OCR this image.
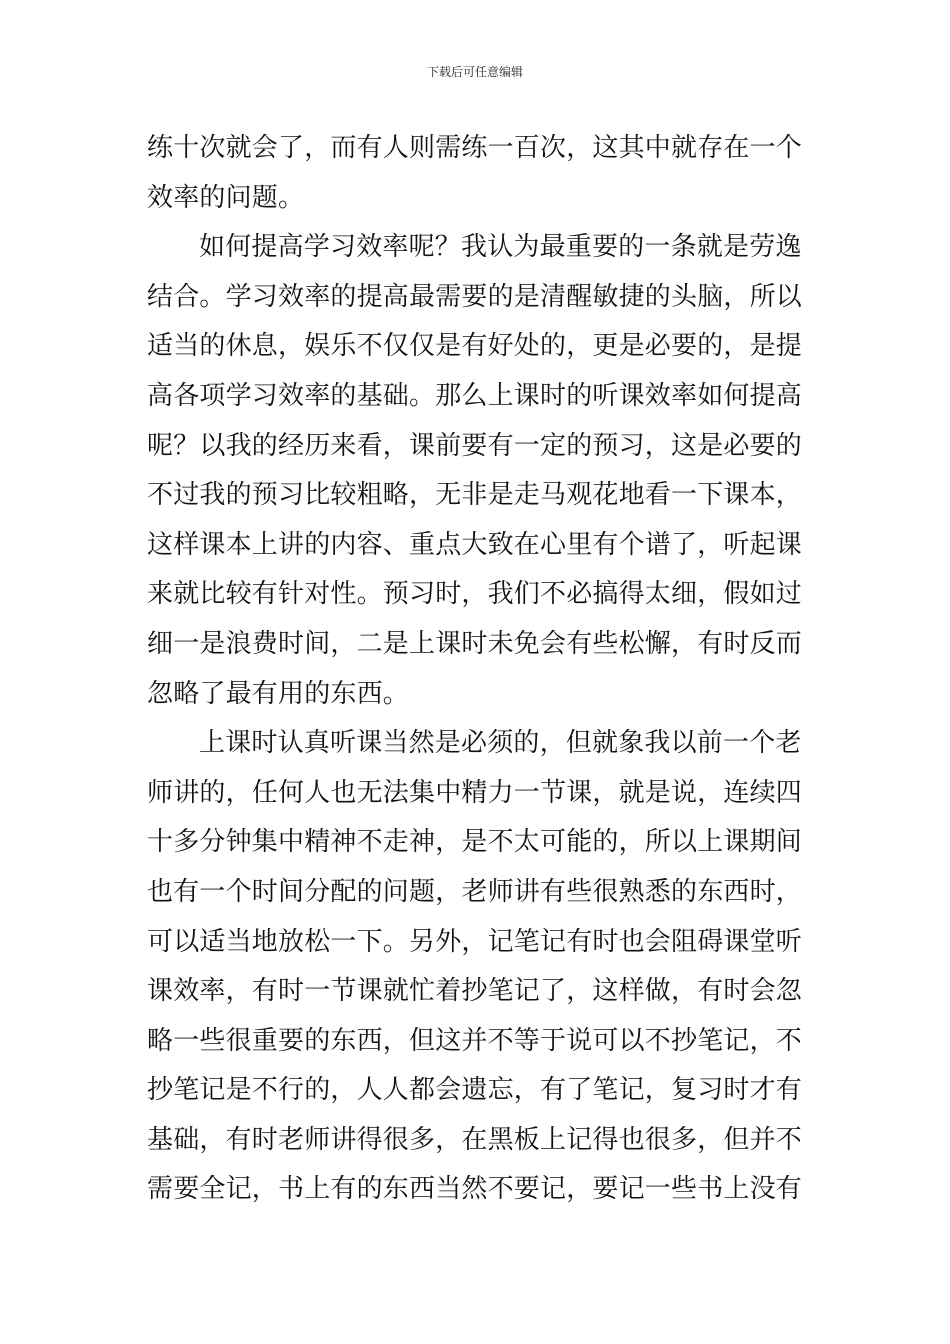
下载后可任意编辑
练十次就会了，而有人则需练一百次，这其中就存在一个
效率的问题。
如何提高学习效率呢？我认为最重要的一条就是劳逸
结合。学习效率的提高最需要的是清醒敏捷的头脑，所以
适当的休息，娱乐不仅仅是有好处的，更是必要的，是提
高各项学习效率的基础。那么上课时的听课效率如何提高
呢？以我的经历来看，课前要有一定的预习，这是必要的
不过我的预习比较粗略，无非是走马观花地看一下课本，
这样课本上讲的内容、重点大致在心里有个谱了，听起课
来就比较有针对性。预习时，我们不必搞得太细，假如过
细一是浪费时间，二是上课时未免会有些松懈，有时反而
忽略了最有用的东西。
上课时认真听课当然是必须的，但就象我以前一个老
师讲的，任何人也无法集中精力一节课，就是说，连续四
十多分钟集中精神不走神，是不太可能的，所以上课期间
也有一个时间分配的问题，老师讲有些很熟悉的东西时，
可以适当地放松一下。另外，记笔记有时也会阻碍课堂听
课效率，有时一节课就忙着抄笔记了，这样做，有时会忽
略一些很重要的东西，但这并不等于说可以不抄笔记，不
抄笔记是不行的，人人都会遗忘，有了笔记，复习时才有
基础，有时老师讲得很多，在黑板上记得也很多，但并不
需要全记，书上有的东西当然不要记，要记一些书上没有
